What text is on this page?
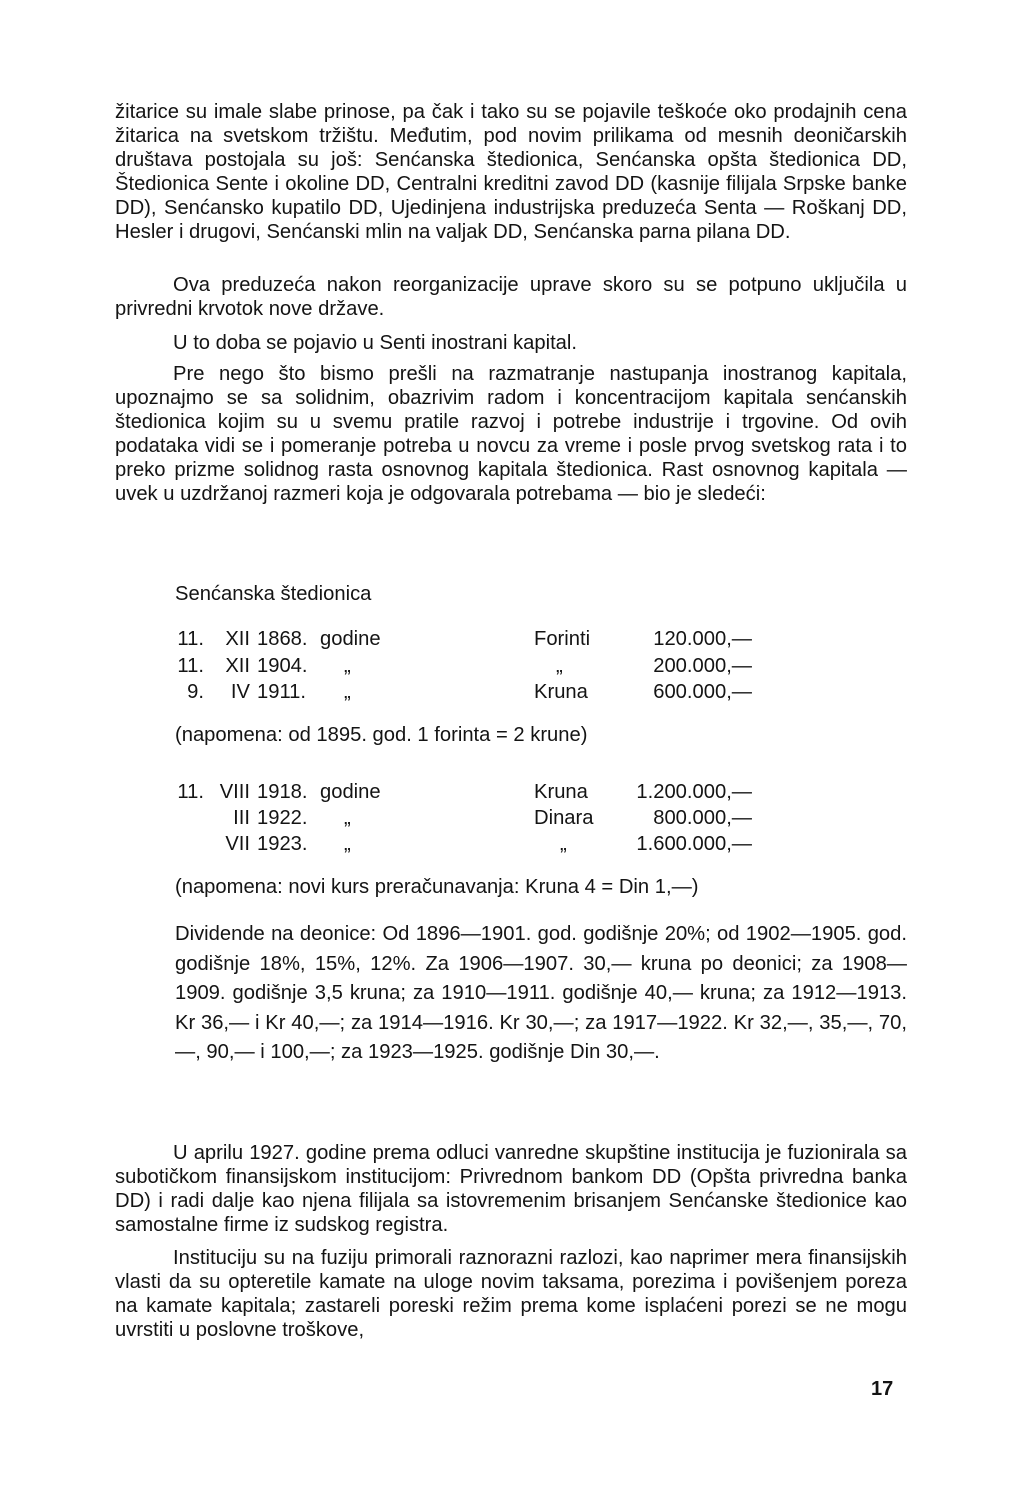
žitarice su imale slabe prinose, pa čak i tako su se pojavile teškoće oko prodajnih cena žitarica na svetskom tržištu. Međutim, pod novim prilikama od mesnih deoničarskih društava postojala su još: Senćanska štedionica, Senćanska opšta štedionica DD, Štedionica Sente i okoline DD, Centralni kreditni zavod DD (kasnije filijala Srpske banke DD), Senćansko kupatilo DD, Ujedinjena industrijska preduzeća Senta — Roškanj DD, Hesler i drugovi, Senćanski mlin na valjak DD, Senćanska parna pilana DD.

Ova preduzeća nakon reorganizacije uprave skoro su se potpuno uključila u privredni krvotok nove države.

U to doba se pojavio u Senti inostrani kapital.

Pre nego što bismo prešli na razmatranje nastupanja inostranog kapitala, upoznajmo se sa solidnim, obazrivim radom i koncentracijom kapitala senćanskih štedionica kojim su u svemu pratile razvoj i potrebe industrije i trgovine. Od ovih podataka vidi se i pomeranje potreba u novcu za vreme i posle prvog svetskog rata i to preko prizme solidnog rasta osnovnog kapitala štedionica. Rast osnovnog kapitala — uvek u uzdržanoj razmeri koja je odgovarala potrebama — bio je sledeći:

Senćanska štedionica
11.	XII 1868. godine	Forinti	120.000,—
11.	XII 1904. „	„	200.000,—
9.	IV 1911. „	Kruna	600.000,—
(napomena: od 1895. god. 1 forinta = 2 krune)
11. VIII 1918. godine	Kruna	1.200.000,—
III 1922. „	Dinara	800.000,—
VII 1923. „	„	1.600.000,—
(napomena: novi kurs preračunavanja: Kruna 4 = Din 1,—)

Dividende na deonice: Od 1896—1901. god. godišnje 20%; od 1902—1905. god. godišnje 18%, 15%, 12%. Za 1906—1907. 30,— kruna po deonici; za 1908—1909. godišnje 3,5 kruna; za 1910—1911. godišnje 40,— kruna; za 1912—1913. Kr 36,— i Kr 40,—; za 1914—1916. Kr 30,—; za 1917—1922. Kr 32,—, 35,—, 70,—, 90,— i 100,—; za 1923—1925. godišnje Din 30,—.

U aprilu 1927. godine prema odluci vanredne skupštine institucija je fuzionirala sa subotičkom finansijskom institucijom: Privrednom bankom DD (Opšta privredna banka DD) i radi dalje kao njena filijala sa istovremenim brisanjem Senćanske štedionice kao samostalne firme iz sudskog registra.

Instituciju su na fuziju primorali raznorazni razlozi, kao naprimer mera finansijskih vlasti da su opteretile kamate na uloge novim taksama, porezima i povišenjem poreza na kamate kapitala; zastareli poreski režim prema kome isplaćeni porezi se ne mogu uvrstiti u poslovne troškove,

17
